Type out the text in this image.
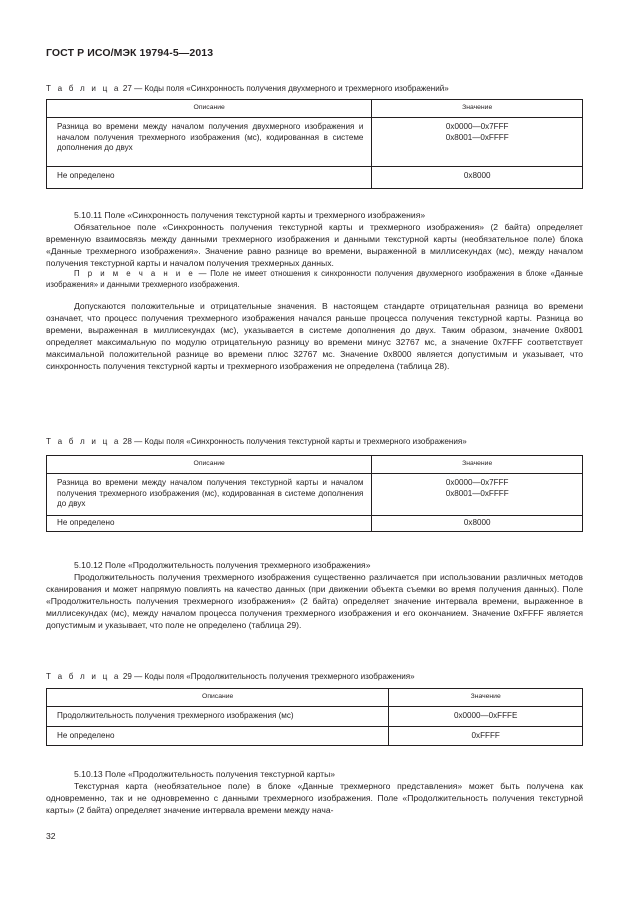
ГОСТ Р ИСО/МЭК 19794-5—2013
Т а б л и ц а 27 — Коды поля «Синхронность получения двухмерного и трехмерного изображений»
Описание	Значение
Разница во времени между началом получения двухмерного изображения и началом получения трехмерного изображения (мс), кодированная в системе дополнения до двух	0x0000—0x7FFF
0x8001—0xFFFF

Не определено	0x8000

5.10.11 Поле «Синхронность получения текстурной карты и трехмерного изображения»

Обязательное поле «Синхронность получения текстурной карты и трехмерного изображения» (2 байта) определяет временную взаимосвязь между данными трехмерного изображения и данными текстурной карты (необязательное поле) блока «Данные трехмерного изображения». Значение равно разнице во времени, выраженной в миллисекундах (мс), между началом получения текстурной карты и началом получения трехмерных данных.

П р и м е ч а н и е — Поле не имеет отношения к синхронности получения двухмерного изображения в блоке «Данные изображения» и данными трехмерного изображения.

Допускаются положительные и отрицательные значения. В настоящем стандарте отрицательная разница во времени означает, что процесс получения трехмерного изображения начался раньше процесса получения текстурной карты. Разница во времени, выраженная в миллисекундах (мс), указывается в системе дополнения до двух. Таким образом, значение 0x8001 определяет максимальную по модулю отрицательную разницу во времени минус 32767 мс, а значение 0x7FFF соответствует максимальной положительной разнице во времени плюс 32767 мс. Значение 0x8000 является допустимым и указывает, что синхронность получения текстурной карты и трехмерного изображения не определена (таблица 28).

Т а б л и ц а 28 — Коды поля «Синхронность получения текстурной карты и трехмерного изображения»
Описание	Значение
Разница во времени между началом получения текстурной карты и началом получения трехмерного изображения (мс), кодированная в системе дополнения до двух	0x0000—0x7FFF
0x8001—0xFFFF

Не определено	0x8000

5.10.12 Поле «Продолжительность получения трехмерного изображения»

Продолжительность получения трехмерного изображения существенно различается при использовании различных методов сканирования и может напрямую повлиять на качество данных (при движении объекта съемки во время получения данных). Поле «Продолжительность получения трехмерного изображения» (2 байта) определяет значение интервала времени, выраженное в миллисекундах (мс), между началом процесса получения трехмерного изображения и его окончанием. Значение 0xFFFF является допустимым и указывает, что поле не определено (таблица 29).

Т а б л и ц а 29 — Коды поля «Продолжительность получения трехмерного изображения»
Описание	Значение
Продолжительность получения трехмерного изображения (мс)	0x0000—0xFFFE
Не определено	0xFFFF

5.10.13 Поле «Продолжительность получения текстурной карты»

Текстурная карта (необязательное поле) в блоке «Данные трехмерного представления» может быть получена как одновременно, так и не одновременно с данными трехмерного изображения. Поле «Продолжительность получения текстурной карты» (2 байта) определяет значение интервала времени между нача-

32
